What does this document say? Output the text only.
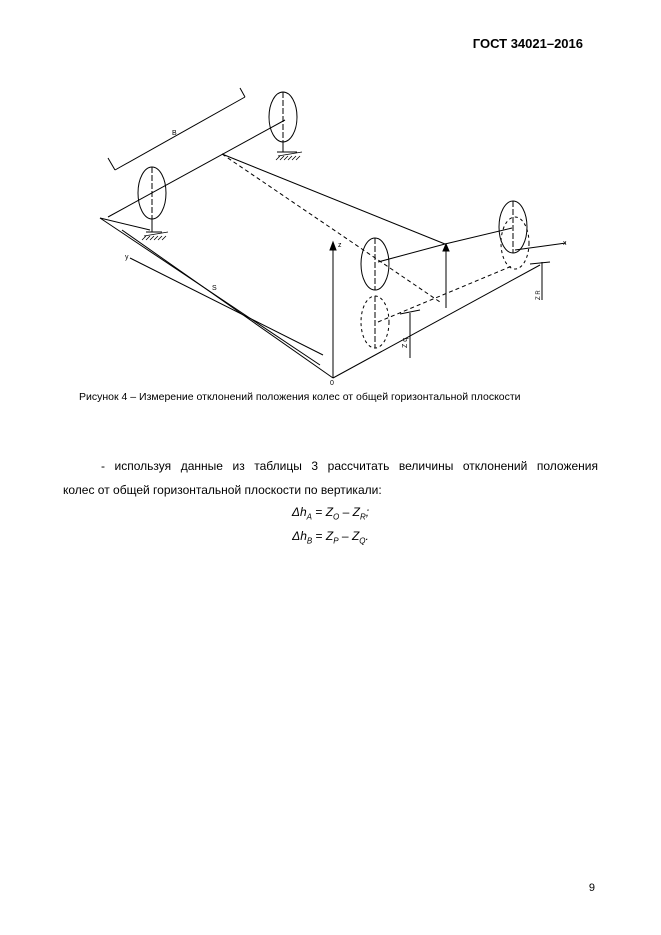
ГОСТ 34021–2016
B
S
y
z	x
0
Z q
Z R
Рисунок 4 – Измерение отклонений положения колес от общей горизонтальной плоскости
- используя данные из таблицы 3 рассчитать величины отклонений положения
колес от общей горизонтальной плоскости по вертикали:
$\Delta h_A = Z_O - Z_R$;
$\Delta h_B = Z_P - Z_Q$.
9
